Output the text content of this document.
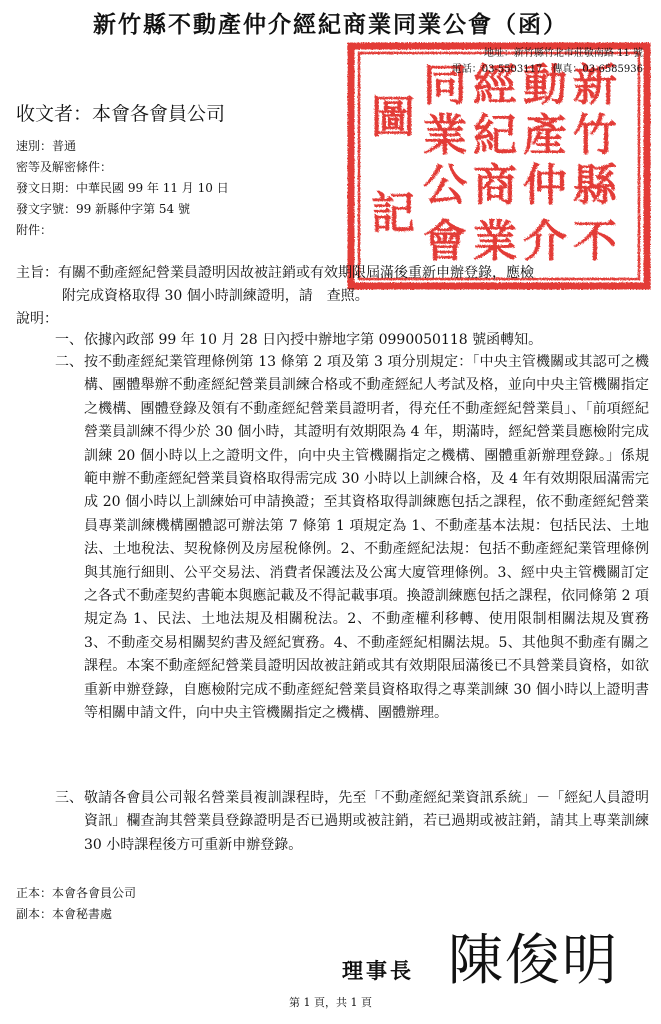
新竹縣不動產仲介經紀商業同業公會（函）
新
竹
縣
不
動
產
仲
介
經
紀
商
業
同
業
公
會
圖
記
地址：新竹縣竹北市莊敬南路 11 號
電話：03-5503117　傳真：03-6585936
收文者：本會各會員公司
速別：普通
密等及解密條件：
發文日期：中華民國 99 年 11 月 10 日
發文字號：99 新縣仲字第 54 號
附件：
主旨：有關不動產經紀營業員證明因故被註銷或有效期限屆滿後重新申辦登錄，應檢
附完成資格取得 30 個小時訓練證明，請　查照。
說明：
一、 依據內政部 99 年 10 月 28 日內授中辦地字第 0990050118 號函轉知。
二、 按不動產經紀業管理條例第 13 條第 2 項及第 3 項分別規定：「中央主管機關或其認可之機構、團體舉辦不動產經紀營業員訓練合格或不動產經紀人考試及格，並向中央主管機關指定之機構、團體登錄及領有不動產經紀營業員證明者，得充任不動產經紀營業員」、「前項經紀營業員訓練不得少於 30 個小時，其證明有效期限為 4 年，期滿時，經紀營業員應檢附完成訓練 20 個小時以上之證明文件，向中央主管機關指定之機構、團體重新辦理登錄。」係規範申辦不動產經紀營業員資格取得需完成 30 小時以上訓練合格，及 4 年有效期限屆滿需完成 20 個小時以上訓練始可申請換證；至其資格取得訓練應包括之課程，依不動產經紀營業員專業訓練機構團體認可辦法第 7 條第 1 項規定為 1、不動產基本法規：包括民法、土地法、土地稅法、契稅條例及房屋稅條例。2、不動產經紀法規：包括不動產經紀業管理條例與其施行細則、公平交易法、消費者保護法及公寓大廈管理條例。3、經中央主管機關訂定之各式不動產契約書範本與應記載及不得記載事項。換證訓練應包括之課程，依同條第 2 項規定為 1、民法、土地法規及相關稅法。2、不動產權利移轉、使用限制相關法規及實務 3、不動產交易相關契約書及經紀實務。4、不動產經紀相關法規。5、其他與不動產有關之課程。本案不動產經紀營業員證明因故被註銷或其有效期限屆滿後已不具營業員資格，如欲重新申辦登錄，自應檢附完成不動產經紀營業員資格取得之專業訓練 30 個小時以上證明書等相關申請文件，向中央主管機關指定之機構、團體辦理。
三、 敬請各會員公司報名營業員複訓課程時，先至「不動產經紀業資訊系統」－「經紀人員證明資訊」欄查詢其營業員登錄證明是否已過期或被註銷，若已過期或被註銷，請其上專業訓練 30 小時課程後方可重新申辦登錄。
正本：本會各會員公司
副本：本會秘書處
理事長 陳俊明
第 1 頁，共 1 頁
